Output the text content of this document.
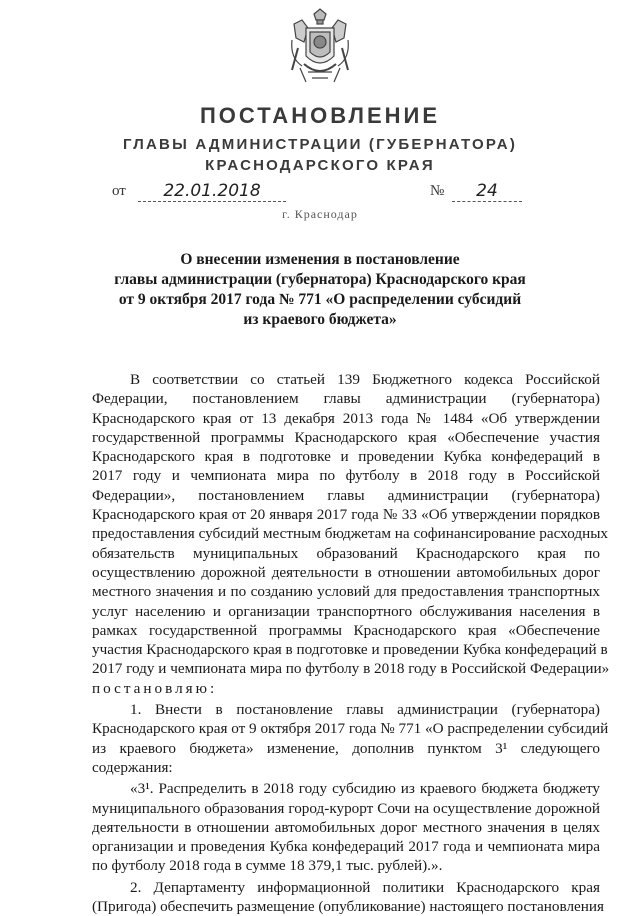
ПОСТАНОВЛЕНИЕ
ГЛАВЫ АДМИНИСТРАЦИИ (ГУБЕРНАТОРА)
КРАСНОДАРСКОГО КРАЯ
от	22.01.2018	№	24
г. Краснодар
О внесении изменения в постановление
главы администрации (губернатора) Краснодарского края
от 9 октября 2017 года № 771 «О распределении субсидий
из краевого бюджета»
В соответствии со статьей 139 Бюджетного кодекса Российской
Федерации, постановлением главы администрации (губернатора)
Краснодарского края от 13 декабря 2013 года № 1484 «Об утверждении
государственной программы Краснодарского края «Обеспечение участия
Краснодарского края в подготовке и проведении Кубка конфедераций в
2017 году и чемпионата мира по футболу в 2018 году в Российской
Федерации», постановлением главы администрации (губернатора)
Краснодарского края от 20 января 2017 года № 33 «Об утверждении порядков
предоставления субсидий местным бюджетам на софинансирование расходных
обязательств муниципальных образований Краснодарского края по
осуществлению дорожной деятельности в отношении автомобильных дорог
местного значения и по созданию условий для предоставления транспортных
услуг населению и организации транспортного обслуживания населения в
рамках государственной программы Краснодарского края «Обеспечение
участия Краснодарского края в подготовке и проведении Кубка конфедераций в
2017 году и чемпионата мира по футболу в 2018 году в Российской Федерации»
постановляю:
1. Внести в постановление главы администрации (губернатора)
Краснодарского края от 9 октября 2017 года № 771 «О распределении субсидий
из краевого бюджета» изменение, дополнив пунктом 3¹ следующего
содержания:
«3¹. Распределить в 2018 году субсидию из краевого бюджета бюджету
муниципального образования город-курорт Сочи на осуществление дорожной
деятельности в отношении автомобильных дорог местного значения в целях
организации и проведения Кубка конфедераций 2017 года и чемпионата мира
по футболу 2018 года в сумме 18 379,1 тыс. рублей).».
2. Департаменту информационной политики Краснодарского края
(Пригода) обеспечить размещение (опубликование) настоящего постановления
